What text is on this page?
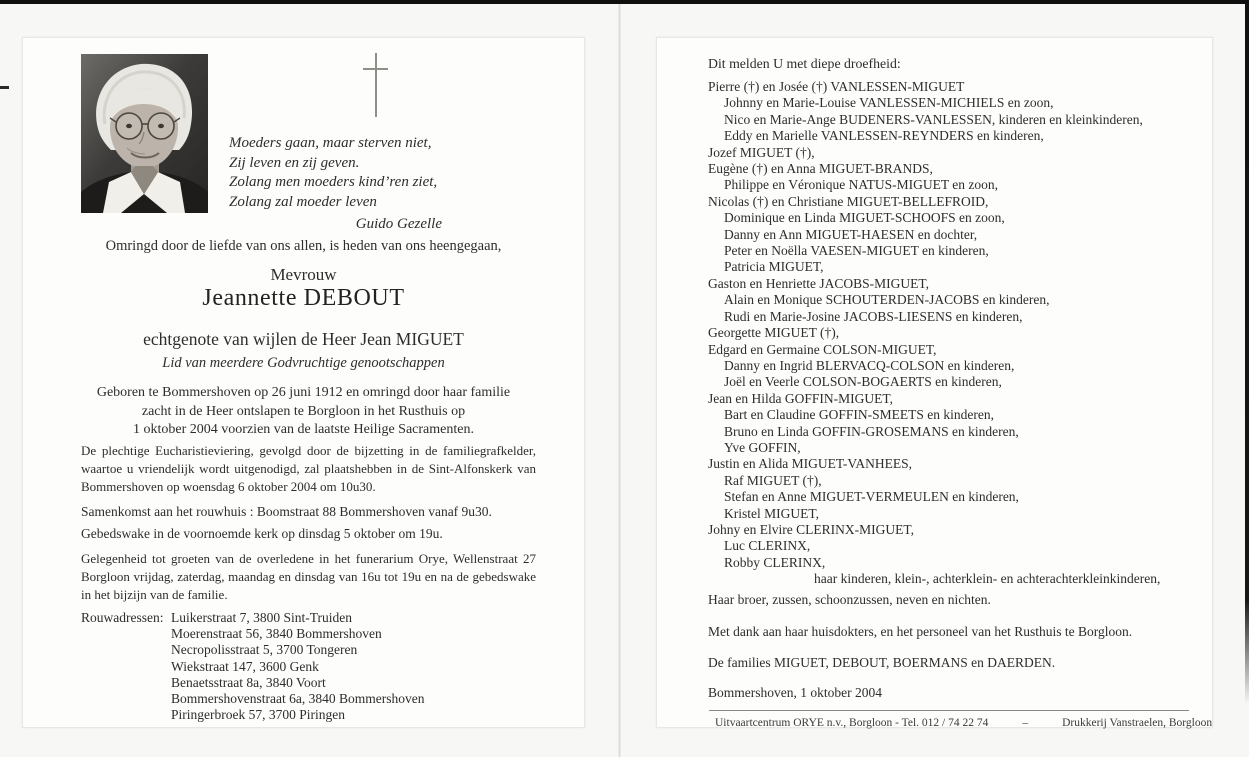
Moeders gaan, maar sterven niet,
Zij leven en zij geven.
Zolang men moeders kind’ren ziet,
Zolang zal moeder leven
Guido Gezelle
Omringd door de liefde van ons allen, is heden van ons heengegaan,
Mevrouw
Jeannette DEBOUT
echtgenote van wijlen de Heer Jean MIGUET
Lid van meerdere Godvruchtige genootschappen
Geboren te Bommershoven op 26 juni 1912 en omringd door haar familie
zacht in de Heer ontslapen te Borgloon in het Rusthuis op
1 oktober 2004 voorzien van de laatste Heilige Sacramenten.
De plechtige Eucharistieviering, gevolgd door de bijzetting in de familiegrafkelder, waartoe u vriendelijk wordt uitgenodigd, zal plaatshebben in de Sint-Alfonskerk van Bommershoven op woensdag 6 oktober 2004 om 10u30.
Samenkomst aan het rouwhuis : Boomstraat 88 Bommershoven vanaf 9u30.
Gebedswake in de voornoemde kerk op dinsdag 5 oktober om 19u.
Gelegenheid tot groeten van de overledene in het funerarium Orye, Wellenstraat 27 Borgloon vrijdag, zaterdag, maandag en dinsdag van 16u tot 19u en na de gebedswake in het bijzijn van de familie.
Rouwadressen: Luikerstraat 7, 3800 Sint-Truiden
Moerenstraat 56, 3840 Bommershoven
Necropolisstraat 5, 3700 Tongeren
Wiekstraat 147, 3600 Genk
Benaetsstraat 8a, 3840 Voort
Bommershovenstraat 6a, 3840 Bommershoven
Piringerbroek 57, 3700 Piringen
Dit melden U met diepe droefheid:
Pierre (†) en Josée (†) VANLESSEN-MIGUET
Johnny en Marie-Louise VANLESSEN-MICHIELS en zoon,
Nico en Marie-Ange BUDENERS-VANLESSEN, kinderen en kleinkinderen,
Eddy en Marielle VANLESSEN-REYNDERS en kinderen,
Jozef MIGUET (†),
Eugène (†) en Anna MIGUET-BRANDS,
Philippe en Véronique NATUS-MIGUET en zoon,
Nicolas (†) en Christiane MIGUET-BELLEFROID,
Dominique en Linda MIGUET-SCHOOFS en zoon,
Danny en Ann MIGUET-HAESEN en dochter,
Peter en Noëlla VAESEN-MIGUET en kinderen,
Patricia MIGUET,
Gaston en Henriette JACOBS-MIGUET,
Alain en Monique SCHOUTERDEN-JACOBS en kinderen,
Rudi en Marie-Josine JACOBS-LIESENS en kinderen,
Georgette MIGUET (†),
Edgard en Germaine COLSON-MIGUET,
Danny en Ingrid BLERVACQ-COLSON en kinderen,
Joël en Veerle COLSON-BOGAERTS en kinderen,
Jean en Hilda GOFFIN-MIGUET,
Bart en Claudine GOFFIN-SMEETS en kinderen,
Bruno en Linda GOFFIN-GROSEMANS en kinderen,
Yve GOFFIN,
Justin en Alida MIGUET-VANHEES,
Raf MIGUET (†),
Stefan en Anne MIGUET-VERMEULEN en kinderen,
Kristel MIGUET,
Johny en Elvire CLERINX-MIGUET,
Luc CLERINX,
Robby CLERINX,
haar kinderen, klein-, achterklein- en achterachterkleinkinderen,
Haar broer, zussen, schoonzussen, neven en nichten.
Met dank aan haar huisdokters, en het personeel van het Rusthuis te Borgloon.
De families MIGUET, DEBOUT, BOERMANS en DAERDEN.
Bommershoven, 1 oktober 2004
Uitvaartcentrum ORYE n.v., Borgloon - Tel. 012 / 74 22 74	–	Drukkerij Vanstraelen, Borgloon
